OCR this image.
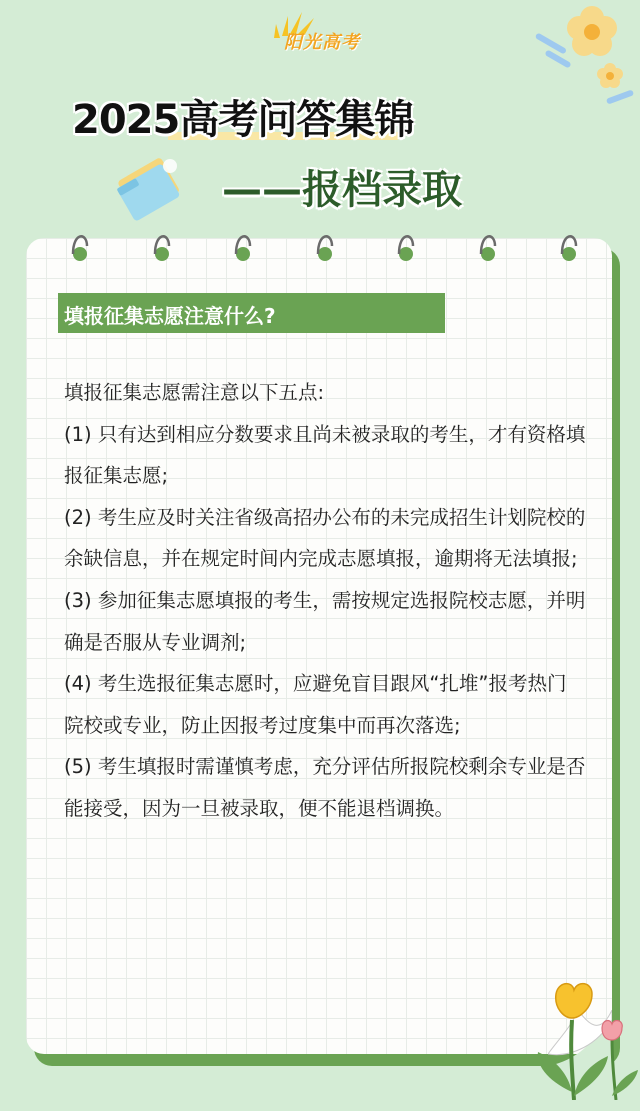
阳光高考
2025高考问答集锦
——报档录取
填报征集志愿注意什么?

填报征集志愿需注意以下五点:

(1) 只有达到相应分数要求且尚未被录取的考生，才有资格填报征集志愿;

(2) 考生应及时关注省级高招办公布的未完成招生计划院校的余缺信息，并在规定时间内完成志愿填报，逾期将无法填报;

(3) 参加征集志愿填报的考生，需按规定选报院校志愿，并明确是否服从专业调剂;

(4) 考生选报征集志愿时，应避免盲目跟风“扎堆”报考热门院校或专业，防止因报考过度集中而再次落选;

(5) 考生填报时需谨慎考虑，充分评估所报院校剩余专业是否能接受，因为一旦被录取，便不能退档调换。
